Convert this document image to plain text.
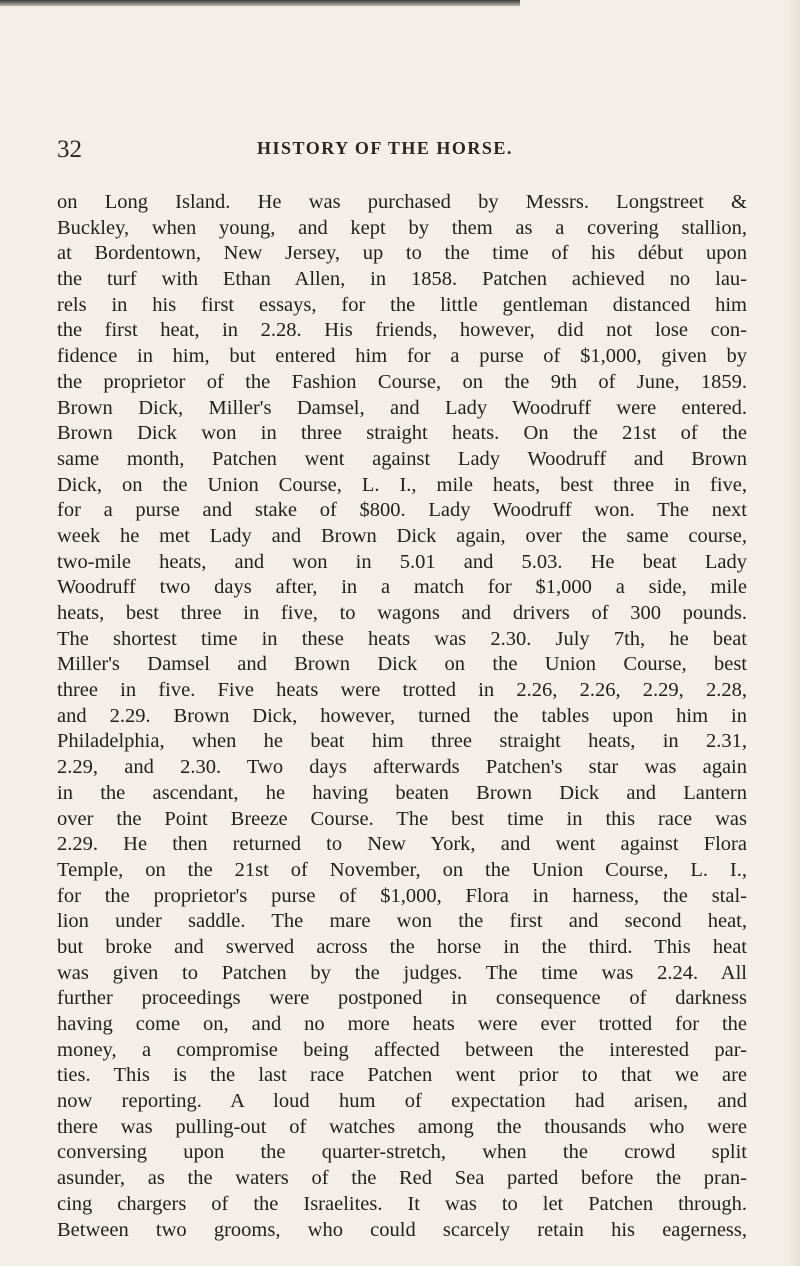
32	HISTORY OF THE HORSE.
on Long Island. He was purchased by Messrs. Longstreet &
Buckley, when young, and kept by them as a covering stallion,
at Bordentown, New Jersey, up to the time of his début upon
the turf with Ethan Allen, in 1858. Patchen achieved no lau-
rels in his first essays, for the little gentleman distanced him
the first heat, in 2.28. His friends, however, did not lose con-
fidence in him, but entered him for a purse of $1,000, given by
the proprietor of the Fashion Course, on the 9th of June, 1859.
Brown Dick, Miller's Damsel, and Lady Woodruff were entered.
Brown Dick won in three straight heats. On the 21st of the
same month, Patchen went against Lady Woodruff and Brown
Dick, on the Union Course, L. I., mile heats, best three in five,
for a purse and stake of $800. Lady Woodruff won. The next
week he met Lady and Brown Dick again, over the same course,
two-mile heats, and won in 5.01 and 5.03. He beat Lady
Woodruff two days after, in a match for $1,000 a side, mile
heats, best three in five, to wagons and drivers of 300 pounds.
The shortest time in these heats was 2.30. July 7th, he beat
Miller's Damsel and Brown Dick on the Union Course, best
three in five. Five heats were trotted in 2.26, 2.26, 2.29, 2.28,
and 2.29. Brown Dick, however, turned the tables upon him in
Philadelphia, when he beat him three straight heats, in 2.31,
2.29, and 2.30. Two days afterwards Patchen's star was again
in the ascendant, he having beaten Brown Dick and Lantern
over the Point Breeze Course. The best time in this race was
2.29. He then returned to New York, and went against Flora
Temple, on the 21st of November, on the Union Course, L. I.,
for the proprietor's purse of $1,000, Flora in harness, the stal-
lion under saddle. The mare won the first and second heat,
but broke and swerved across the horse in the third. This heat
was given to Patchen by the judges. The time was 2.24. All
further proceedings were postponed in consequence of darkness
having come on, and no more heats were ever trotted for the
money, a compromise being affected between the interested par-
ties. This is the last race Patchen went prior to that we are
now reporting. A loud hum of expectation had arisen, and
there was pulling-out of watches among the thousands who were
conversing upon the quarter-stretch, when the crowd split
asunder, as the waters of the Red Sea parted before the pran-
cing chargers of the Israelites. It was to let Patchen through.
Between two grooms, who could scarcely retain his eagerness,
